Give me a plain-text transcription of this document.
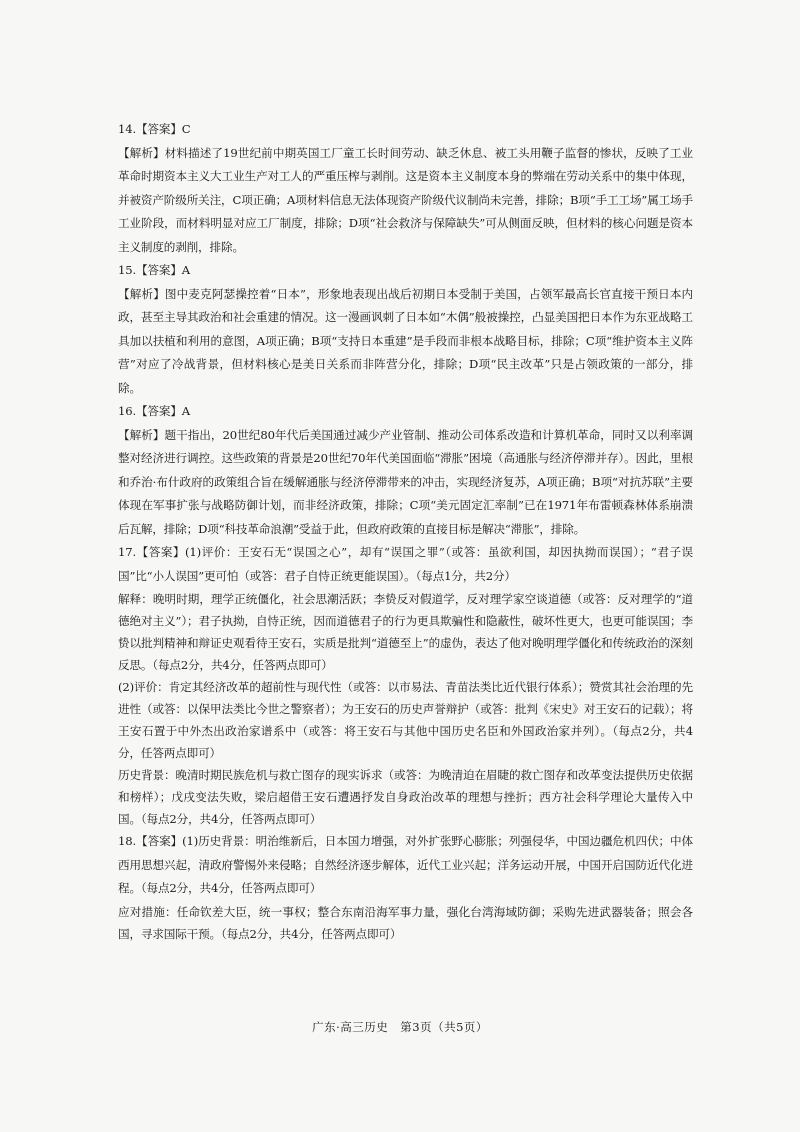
14.【答案】C

【解析】材料描述了19世纪前中期英国工厂童工长时间劳动、缺乏休息、被工头用鞭子监督的惨状，反映了工业革命时期资本主义大工业生产对工人的严重压榨与剥削。这是资本主义制度本身的弊端在劳动关系中的集中体现，并被资产阶级所关注，C项正确；A项材料信息无法体现资产阶级代议制尚未完善，排除；B项“手工工场”属工场手工业阶段，而材料明显对应工厂制度，排除；D项“社会救济与保障缺失”可从侧面反映，但材料的核心问题是资本主义制度的剥削，排除。

15.【答案】A

【解析】图中麦克阿瑟操控着“日本”，形象地表现出战后初期日本受制于美国，占领军最高长官直接干预日本内政，甚至主导其政治和社会重建的情况。这一漫画讽刺了日本如“木偶”般被操控，凸显美国把日本作为东亚战略工具加以扶植和利用的意图，A项正确；B项“支持日本重建”是手段而非根本战略目标，排除；C项“维护资本主义阵营”对应了冷战背景，但材料核心是美日关系而非阵营分化，排除；D项“民主改革”只是占领政策的一部分，排除。

16.【答案】A

【解析】题干指出，20世纪80年代后美国通过减少产业管制、推动公司体系改造和计算机革命，同时又以利率调整对经济进行调控。这些政策的背景是20世纪70年代美国面临“滞胀”困境（高通胀与经济停滞并存）。因此，里根和乔治·布什政府的政策组合旨在缓解通胀与经济停滞带来的冲击，实现经济复苏，A项正确；B项“对抗苏联”主要体现在军事扩张与战略防御计划，而非经济政策，排除；C项“美元固定汇率制”已在1971年布雷顿森林体系崩溃后瓦解，排除；D项“科技革命浪潮”受益于此，但政府政策的直接目标是解决“滞胀”，排除。

17.【答案】(1)评价：王安石无“误国之心”，却有“误国之罪”（或答：虽欲利国，却因执拗而误国）；“君子误国”比“小人误国”更可怕（或答：君子自恃正统更能误国）。（每点1分，共2分）

解释：晚明时期，理学正统僵化，社会思潮活跃；李贽反对假道学，反对理学家空谈道德（或答：反对理学的“道德绝对主义”）；君子执拗，自恃正统，因而道德君子的行为更具欺骗性和隐蔽性，破坏性更大，也更可能误国；李贽以批判精神和辩证史观看待王安石，实质是批判“道德至上”的虚伪，表达了他对晚明理学僵化和传统政治的深刻反思。（每点2分，共4分，任答两点即可）

(2)评价：肯定其经济改革的超前性与现代性（或答：以市易法、青苗法类比近代银行体系）；赞赏其社会治理的先进性（或答：以保甲法类比今世之警察者）；为王安石的历史声誉辩护（或答：批判《宋史》对王安石的记载）；将王安石置于中外杰出政治家谱系中（或答：将王安石与其他中国历史名臣和外国政治家并列）。（每点2分，共4分，任答两点即可）

历史背景：晚清时期民族危机与救亡图存的现实诉求（或答：为晚清迫在眉睫的救亡图存和改革变法提供历史依据和榜样）；戊戌变法失败，梁启超借王安石遭遇抒发自身政治改革的理想与挫折；西方社会科学理论大量传入中国。（每点2分，共4分，任答两点即可）

18.【答案】(1)历史背景：明治维新后，日本国力增强，对外扩张野心膨胀；列强侵华，中国边疆危机四伏；中体西用思想兴起，清政府警惕外来侵略；自然经济逐步解体，近代工业兴起；洋务运动开展，中国开启国防近代化进程。（每点2分，共4分，任答两点即可）

应对措施：任命钦差大臣，统一事权；整合东南沿海军事力量，强化台湾海域防御；采购先进武器装备；照会各国，寻求国际干预。（每点2分，共4分，任答两点即可）

广东·高三历史　第3页（共5页）
